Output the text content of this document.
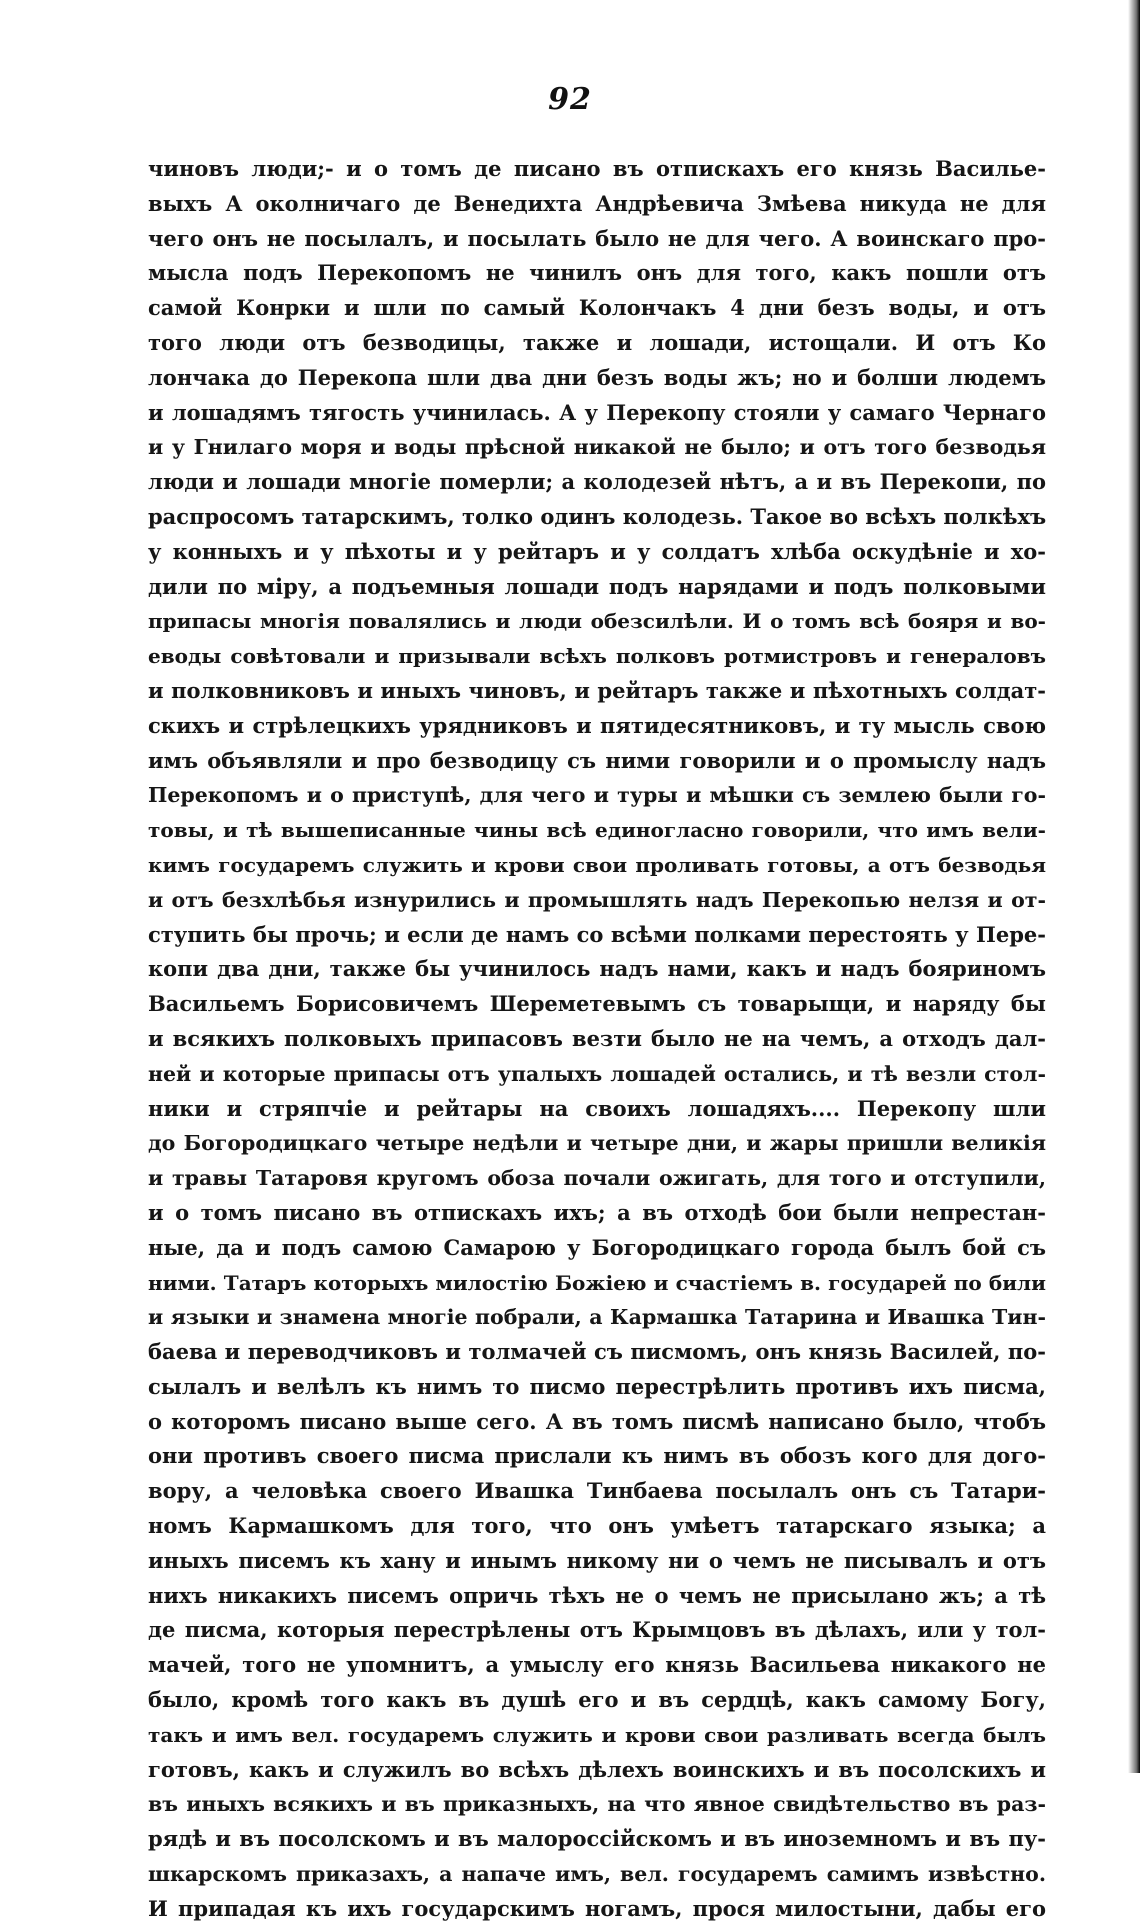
92
чиновъ люди;- и о томъ де писано въ отпискахъ его князь Василье-
выхъ А околничаго де Венедихта Андрѣевича Змѣева никуда не для
чего онъ не посылалъ, и посылать было не для чего. А воинскаго про-
мысла подъ Перекопомъ не чинилъ онъ для того, какъ пошли отъ
самой Конрки и шли по самый Колончакъ 4 дни безъ воды, и отъ
того люди отъ безводицы, также и лошади, истощали. И отъ Ко
лончака до Перекопа шли два дни безъ воды жъ; но и болши людемъ
и лошадямъ тягость учинилась. А у Перекопу стояли у самаго Чернаго
и у Гнилаго моря и воды прѣсной никакой не было; и отъ того безводья
люди и лошади многіе померли; а колодезей нѣтъ, а и въ Перекопи, по
распросомъ татарскимъ, толко одинъ колодезь. Такое во всѣхъ полкѣхъ
у конныхъ и у пѣхоты и у рейтаръ и у солдатъ хлѣба оскудѣніе и хо-
дили по міру, а подъемныя лошади подъ нарядами и подъ полковыми
припасы многія повалялись и люди обезсилѣли. И о томъ всѣ бояря и во-
еводы совѣтовали и призывали всѣхъ полковъ ротмистровъ и генераловъ
и полковниковъ и иныхъ чиновъ, и рейтаръ также и пѣхотныхъ солдат-
скихъ и стрѣлецкихъ урядниковъ и пятидесятниковъ, и ту мысль свою
имъ объявляли и про безводицу съ ними говорили и о промыслу надъ
Перекопомъ и о приступѣ, для чего и туры и мѣшки съ землею были го-
товы, и тѣ вышеписанные чины всѣ единогласно говорили, что имъ вели-
кимъ государемъ служить и крови свои проливать готовы, а отъ безводья
и отъ безхлѣбья изнурились и промышлять надъ Перекопью нелзя и от-
ступить бы прочь; и если де намъ со всѣми полками перестоять у Пере-
копи два дни, также бы учинилось надъ нами, какъ и надъ бояриномъ
Васильемъ Борисовичемъ Шереметевымъ съ товарыщи, и наряду бы
и всякихъ полковыхъ припасовъ везти было не на чемъ, а отходъ дал-
ней и которые припасы отъ упалыхъ лошадей остались, и тѣ везли стол-
ники и стряпчіе и рейтары на своихъ лошадяхъ.... Перекопу шли
до Богородицкаго четыре недѣли и четыре дни, и жары пришли великія
и травы Татаровя кругомъ обоза почали ожигать, для того и отступили,
и о томъ писано въ отпискахъ ихъ; а въ отходѣ бои были непрестан-
ные, да и подъ самою Самарою у Богородицкаго города былъ бой съ
ними. Татаръ которыхъ милостію Божіею и счастіемъ в. государей по били
и языки и знамена многіе побрали, а Кармашка Татарина и Ивашка Тин-
баева и переводчиковъ и толмачей съ писмомъ, онъ князь Василей, по-
сылалъ и велѣлъ къ нимъ то писмо перестрѣлить противъ ихъ писма,
о которомъ писано выше сего. А въ томъ писмѣ написано было, чтобъ
они противъ своего писма прислали къ нимъ въ обозъ кого для дого-
вору, а человѣка своего Ивашка Тинбаева посылалъ онъ съ Татари-
номъ Кармашкомъ для того, что онъ умѣетъ татарскаго языка; а
иныхъ писемъ къ хану и инымъ никому ни о чемъ не писывалъ и отъ
нихъ никакихъ писемъ опричь тѣхъ не о чемъ не присылано жъ; а тѣ
де писма, которыя перестрѣлены отъ Крымцовъ въ дѣлахъ, или у тол-
мачей, того не упомнитъ, а умыслу его князь Васильева никакого не
было, кромѣ того какъ въ душѣ его и въ сердцѣ, какъ самому Богу,
такъ и имъ вел. государемъ служить и крови свои разливать всегда былъ
готовъ, какъ и служилъ во всѣхъ дѣлехъ воинскихъ и въ посолскихъ и
въ иныхъ всякихъ и въ приказныхъ, на что явное свидѣтельство въ раз-
рядѣ и въ посолскомъ и въ малороссійскомъ и въ иноземномъ и въ пу-
шкарскомъ приказахъ, а напаче имъ, вел. государемъ самимъ извѣстно.
И припадая къ ихъ государскимъ ногамъ, прося милостыни, дабы его
